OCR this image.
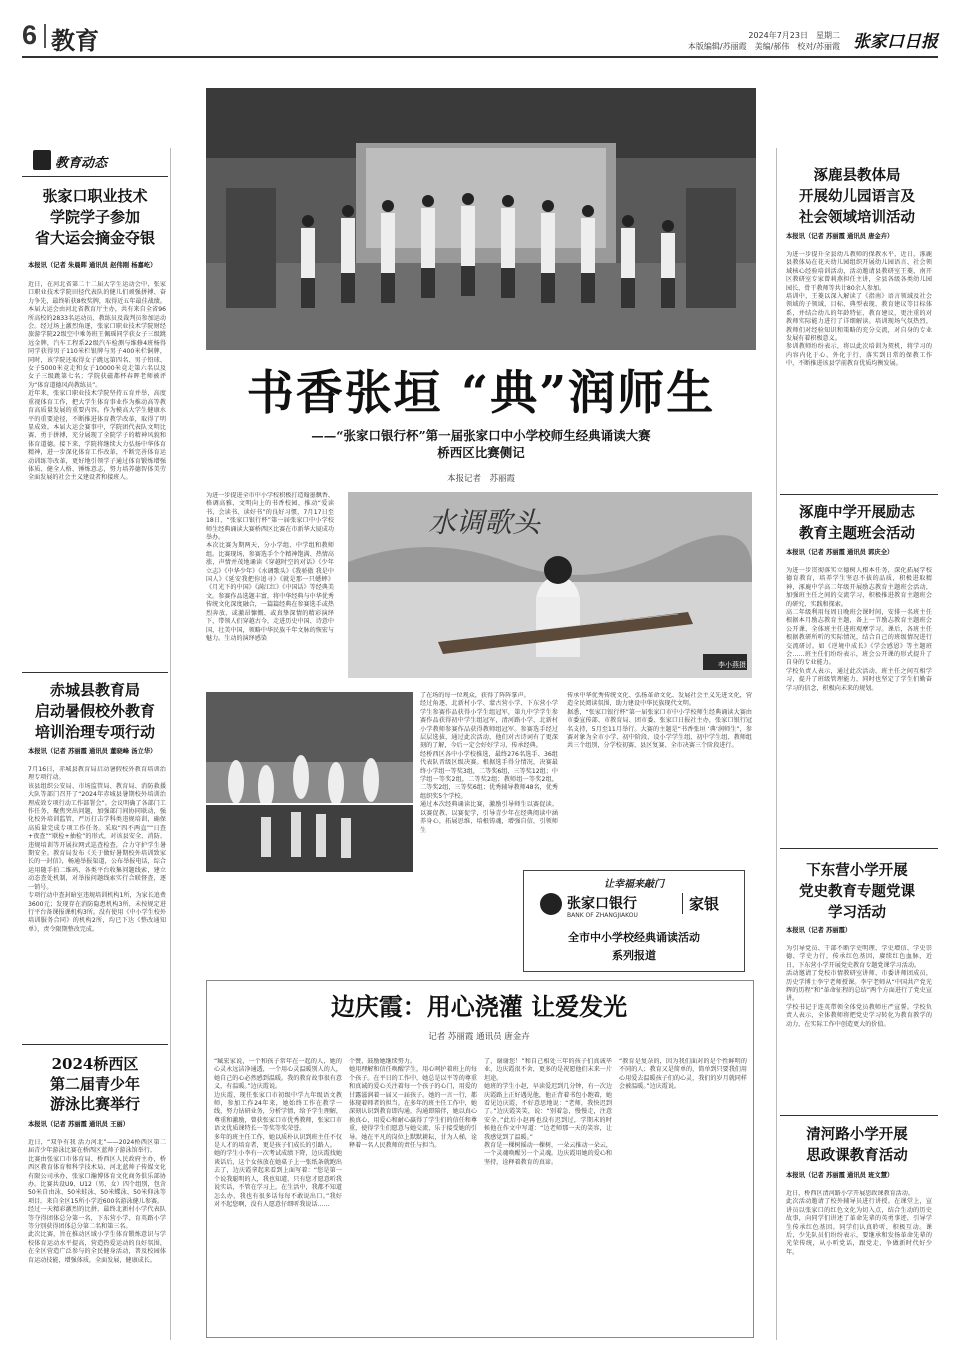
6 教育	2024年7月23日　星期二
本版编辑/苏丽霞　美编/郝伟　校对/苏丽霞 张家口日报
教育动态
张家口职业技术
学院学子参加
省大运会摘金夺银

本报讯（记者 朱晨晖 通讯员 赵伟刚 杨嘉屹）

近日，在河北省第二十二届大学生运动会中，张家口职业技术学院田径代表队的健儿们顽强拼搏、奋力争先，最终斩获8枚奖牌，取得近五年最佳战绩。
本届大运会由河北省教育厅主办，共有来自全省96所高校的2833名运动员、教练员及裁判员参加运动会。经过场上激烈角逐，张家口职业技术学院财经旅游学院22级空中乘务班王佩瑶同学获女子三级跳远金牌，汽车工程系22级汽车检测与维修4班杨得同学获得男子110米栏银牌与男子400米栏铜牌，同时，该学院还取得女子跳远第四名、男子铅球、女子5000米竞走和女子10000米竞走第六名以及女子三级跳第七名；学院获磁都杯春晖老师被评为“体育道德风尚教练员”。
近年来，张家口职业技术学院坚持五育并举，高度重视体育工作，把大学生体育事业作为推动高等教育高质量发展的重要内容。作为模高大学生健康水平的重要途径，不断推进体育教学改革，取得了明显成效。本届大运会赛事中，学院团代表队文明比赛、勇于拼搏，充分展现了全院学子的精神风貌和体育道德。接下来，学院将继续大力弘扬中华体育精神，进一步深化体育工作改革，不断完善体育运动训练等改革，更好地引领学子通过体育锻炼增强体质、健全人格、锤炼意志，努力培养德智体美劳全面发展的社会主义建设者和接班人。
赤城县教育局
启动暑假校外教育
培训治理专项行动

本报讯（记者 苏丽霞 通讯员 董晓峰 汤立华）

7月16日，赤城县教育局启动暑假校外教育培训治理专项行动。
该县组织公安局、市场监管局、教育局、消防救援大队等部门召开了“2024年赤城县暑期校外培训治理成效专项行动工作部署会”。会议明确了各部门工作任务，聚焦突出问题，加强部门间协同联动，强化校外培训监管，严厉打击学科类违规培训，确保高质量完成专项工作任务。采取“四不两直”“日查+夜查”“联检+抽检”的形式，对该县安全、消防、违规培训等开展拉网式巡查检查，合力守护学生暑期安全。教育局发布《关于做好暑期校外培训致家长的一封信》，畅通举报渠道，公布举报电话，综合运用随手拍二维码、各类平台收集问题线索，建立动态查处机制，对举报问题线索实行合联督查，逐一销号。
专项行动中查封暗室违规培训机构1所，为家长追费3600元；发现存在消防隐患机构3所，未按规定进行平台备课报课机构3所。没有使用《中小学生校外培训服务合同》的机构2所，均已下达《整改通知单》，责令限期整改完成。
2024桥西区
第二届青少年
游泳比赛举行

本报讯（记者 苏丽霞 通讯员 王丽）

近日，“双争有我 活力河北”——2024桥西区第二届青少年游泳比赛在桥西区蓝帅子游泳馆举行。
比赛由张家口市体育局、桥西区人民政府主办，桥西区教育体育和科学技术局、河北蓝帅子传媒文化有限公司承办，张家口瀚博体育文化商务俱乐部协办。比赛共设U9、U12（男、女）四个组别，包含50米自由泳、50米蛙泳、50米蝶泳、50米仰泳等项目。来自全区15所小学近600名游泳健儿参赛。
经过一天精彩激烈的比拼，最终北新村小学代表队等夺得团体总分第一名，下东营小学、育英路小学等分别获得团体总分第二名和第三名。
此次比赛，旨在推动区域小学生体育锻炼意识与学校体育运动水平提高，营造热爱运动的良好氛围，在全区营造广泛参与的全民健身活动，普及校园体育运动技能，增强体质，全面发展，健康成长。
书香张垣 “典”润师生
——“张家口银行杯”第一届张家口中小学校师生经典诵读大赛
桥西区比赛侧记
本报记者　苏丽霞
为进一步提进全市中小学校积极打造翰墨飘香、格调高雅、文明向上的书香校园，推动“爱读书、会读书、读好书”的良好习惯，7月17日至18日，“张家口银行杯”第一届张家口中小学校师生经典诵读大赛桥西区比赛在市新华大厦成功举办。
本次比赛为期两天，分小学组、中学组和教师组。比赛现场，参赛选手个个精神饱满、热情高涨，声情并茂地诵读《穿越时空的对话》《少年立志》《中华少年》《水调歌头》《我骄傲 我是中国人》《延安我把你追寻》《就是那一只蟋蟀》《月光下的中国》《满江红》《中国话》等经典美文。参赛作品选题丰富，将中华经典与中华优秀传统文化深度融合，一篇篇经典在参赛选手或热烈奔放、或激昂慷慨、或真挚深情的精彩演绎下，带领人们穿越古今，走进历史中国、诗意中国、壮美中国，领略中华民族千年文脉的恢宏与魅力。生动的演绎感染
水调歌头
李小燕摄
了在场的每一位观众，获得了阵阵掌声。
经过角逐，北新村小学、蒙古营小学、下东营小学学生参赛作品获得小学生组冠军，第九中学学生参赛作品获得初中学生组冠军，清河路小学、北新村小学教师参赛作品获得教师组冠军。参赛选手经过层层选拔，通过此次活动，他们对古诗词有了更深刻的了解，今后一定会好好学习、传承经典。
经桥西区各中小学校推选，最终276名选手、36组代表队晋级区级决赛。根据选手得分情况，决赛最终小学组一等奖3组，二等奖6组，三等奖12组；中学组一等奖2组，二等奖2组；教师组一等奖2组，二等奖2组，三等奖6组；优秀辅导教师48名，优秀组织奖5个学校。
通过本次经典诵读比赛，激励引导师生以赛促读、以赛促教、以赛促学，引导青少年在经典阅读中涵养身心，拓展思维，培根铸魂，增强自信，引领师生
传承中华优秀传统文化、弘扬革命文化、发展社会主义先进文化，营造全民阅读氛围，助力建设中华民族现代文明。
据悉，“张家口银行杯”第一届张家口市中小学校师生经典诵读大赛由市委宣传部、市教育局、团市委、张家口日报社主办，张家口银行冠名支持，5月至11月举行。大赛的主题是“书香张垣 ‘典’润师生”，参赛对象为全市小学、初中阶段、设小学学生组、初中学生组、教师组共三个组别，分学校初赛、县区复赛、全市决赛三个阶段进行。
让幸福来敲门
张家口银行
BANK OF ZHANGJIAKOU
家银
全市中小学校经典诵读活动
系列报道
边庆霞：用心浇灌 让爱发光
记者 苏丽霞 通讯员 唐金卉
“臧宏家说，一个和孩子常年在一起的人，她的心灵永远洁净通透，一个用心灵温暖别人的人，她自己的心必然感到温暖。我的教育故事很有意义，有温暖。”边庆霞说。
边庆霞，现任张家口市初级中学九年级语文教师，参加工作24年来，她始终工作在教学一线，努力钻研业务，分析学情，给予学生理解，尊重和激励，曾获张家口市优秀教师，张家口市语文优质课特长一等奖等奖荣誉。
多年的班主任工作，她以质朴认识到班主任不仅是人才的培育者，更是孩子们成长的引路人。
她的学生小李有一次考试成绩下降，边庆霞找她谈话后，这个女孩放在她桌子上一张纸条就跑出去了，边庆霞拿起来看到上面写着：“您是第一个说我聪明的人，我也知道，只有您才愿意听我说实话，不管在学习上，在生活中，我都不知道怎么办，我也有很多话每每不敢说出口。”我好对不起您啊，没有人愿意仔细听我说话……
个赞，鼓励她继续努力。
她用理解和信任唤醒学生，用心呵护着班上的每个孩子。在平日的工作中，她总是以平等的尊重和真诚的爱心关注着每一个孩子的心门，用爱的甘露滋润着一届又一届孩子。她的一言一行，都体现着师者的担当。在多年的班主任工作中，她深刻认识到教育即沟通，沟通即陪伴，她以真心换真心，用爱心和耐心赢得了学生们的信任和尊重，使得学生们愿意与她交流，乐于接受她的引导。她在平凡的岗位上默默耕耘，甘为人梯，诠释着一名人民教师的责任与担当。
了，谢谢您！”和自己相处三年的孩子们真诚毕业，边庆霞很不舍，更多的是祝愿他们未来一片坦途。
她班的学生小赵，早读爱迟到几分钟，有一次边庆霞路上正好遇见他，他正背着书包小跑着，她看见边庆霞，不好意思地说：“老师，我快迟到了。”边庆霞笑笑，说：“别着急，慢慢走，注意安全。”此后小赵再也没有迟到过，学期末的时候他在作文中写道：“边老师那一天的笑容，让我感觉到了温暖。”
教育是一棵树摇动一棵树，一朵云推动一朵云，一个灵魂唤醒另一个灵魂。边庆霞用她的爱心和坚持，诠释着教育的真谛。
“教育是复杂的，因为我们面对的是个性鲜明的不同的人；教育又是简单的，简单到只要我们用心用爱去温暖孩子们的心灵，我们的岁月就同样会被温暖。”边庆霞说。
涿鹿县教体局
开展幼儿园语言及
社会领域培训活动

本报讯（记者 苏丽霞 通讯员 唐金卉）

为进一步提升全县幼儿教师的保教水平，近日，涿鹿县教体局在花天幼儿园组织开展幼儿园语言、社会领域核心经验培训活动，活动邀请县教研室王菱、南开区教研室专家曾莉燕担任主讲，全县各级各类幼儿园园长、骨干教师等共计80余人参加。
培训中，王菱以深入解读了《指南》语言领域及社会领域的子领域、目标、典型表现、教育建议等目标体系，并结合幼儿的年龄特征、教育建议，更注重的对教师实际能力进行了详细解读。培训现场气氛热烈，教师们对经验知识和策略的充分交流，对自身的专业发展有着积极意义。
参训教师纷纷表示，将以此次培训为契机，将学习的内容内化于心、外化于行，落实到日常的保教工作中，不断推进该县学前教育优质均衡发展。
涿鹿中学开展励志
教育主题班会活动

本报讯（记者 苏丽霞 通讯员 郭庆全）

为进一步贯彻落实立德树人根本任务，深化拓展学校德育教育，培养学生坚忍不拔的品质，积极进取精神，涿鹿中学高二年级开展励志教育主题班会活动，加强班主任之间的交流学习，积极推进教育主题班会的研究、实践和探索。
高二年级利用每周日晚班会课时间，安排一名班主任根据本月励志教育主题，备上一节励志教育主题班会公开课，全体班主任进班观摩学习。课后，各班主任根据教研所听的实际情况，结合自己的班级情况进行交流研讨。如《逆境中成长》《学会感恩》等主题班会……班主任们纷纷表示，班会公开课的形式提升了自身的专业能力。
学校负责人表示，通过此次活动，班主任之间互相学习，提升了班级管理能力，同时也坚定了学生们勤奋学习的信念，积极向未来的规划。
下东营小学开展
党史教育专题党课
学习活动

本报讯（记者 苏丽霞）

为引导党员、干部不断学史明理、学史增信、学史崇德、学史力行，传承红色基因，赓续红色血脉，近日，下东营小学开展党史教育专题党课学习活动。
活动邀请了党校市情教研室讲师、市委讲师团成员，历史学博士李宁老师授课。李宁老师从“中国共产党光辉的历程”和“革命征程的总结”两个方面进行了党史宣讲。
学校书记于连英带领全体党员教师庄严宣誓。学校负责人表示，全体教师将把党史学习转化为教育教学的动力，在实际工作中创造更大的价值。
清河路小学开展
思政课教育活动

本报讯（记者 苏丽霞 通讯员 班文慧）

近日，桥西区清河路小学开展思政课教育活动。
此次活动邀请了校外辅导员进行讲授。在课堂上，宣讲员以张家口的红色文化为切入点，结合生动的历史故事，向同学们讲述了革命先辈的英勇事迹，引导学生传承红色基因。同学们认真聆听，积极互动。课后，少先队员们纷纷表示，要继承和发扬革命先辈的光荣传统，从小听党话，跟党走，争做新时代好少年。
